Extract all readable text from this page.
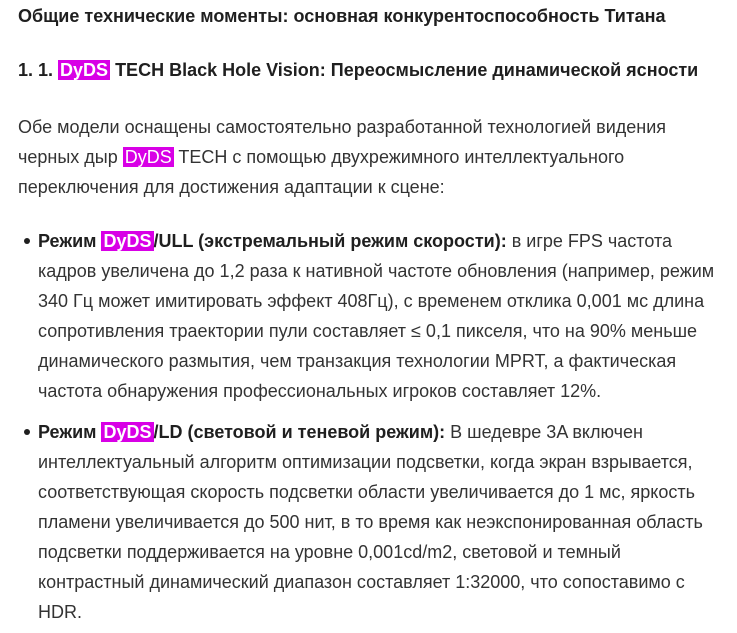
Общие технические моменты: основная конкурентоспособность Титана

1. 1. DyDS TECH Black Hole Vision: Переосмысление динамической ясности

Обе модели оснащены самостоятельно разработанной технологией видения черных дыр DyDS TECH с помощью двухрежимного интеллектуального переключения для достижения адаптации к сцене:

Режим DyDS /ULL (экстремальный режим скорости): в игре FPS частота кадров увеличена до 1,2 раза к нативной частоте обновления (например, режим 340 Гц может имитировать эффект 408Гц), с временем отклика 0,001 мс длина сопротивления траектории пули составляет ≤ 0,1 пикселя, что на 90% меньше динамического размытия, чем транзакция технологии MPRT, а фактическая частота обнаружения профессиональных игроков составляет 12%.
Режим DyDS /LD (световой и теневой режим): В шедевре 3A включен интеллектуальный алгоритм оптимизации подсветки, когда экран взрывается, соответствующая скорость подсветки области увеличивается до 1 мс, яркость пламени увеличивается до 500 нит, в то время как неэкспонированная область подсветки поддерживается на уровне 0,001cd/m2, световой и темный контрастный динамический диапазон составляет 1:32000, что сопоставимо с HDR.
